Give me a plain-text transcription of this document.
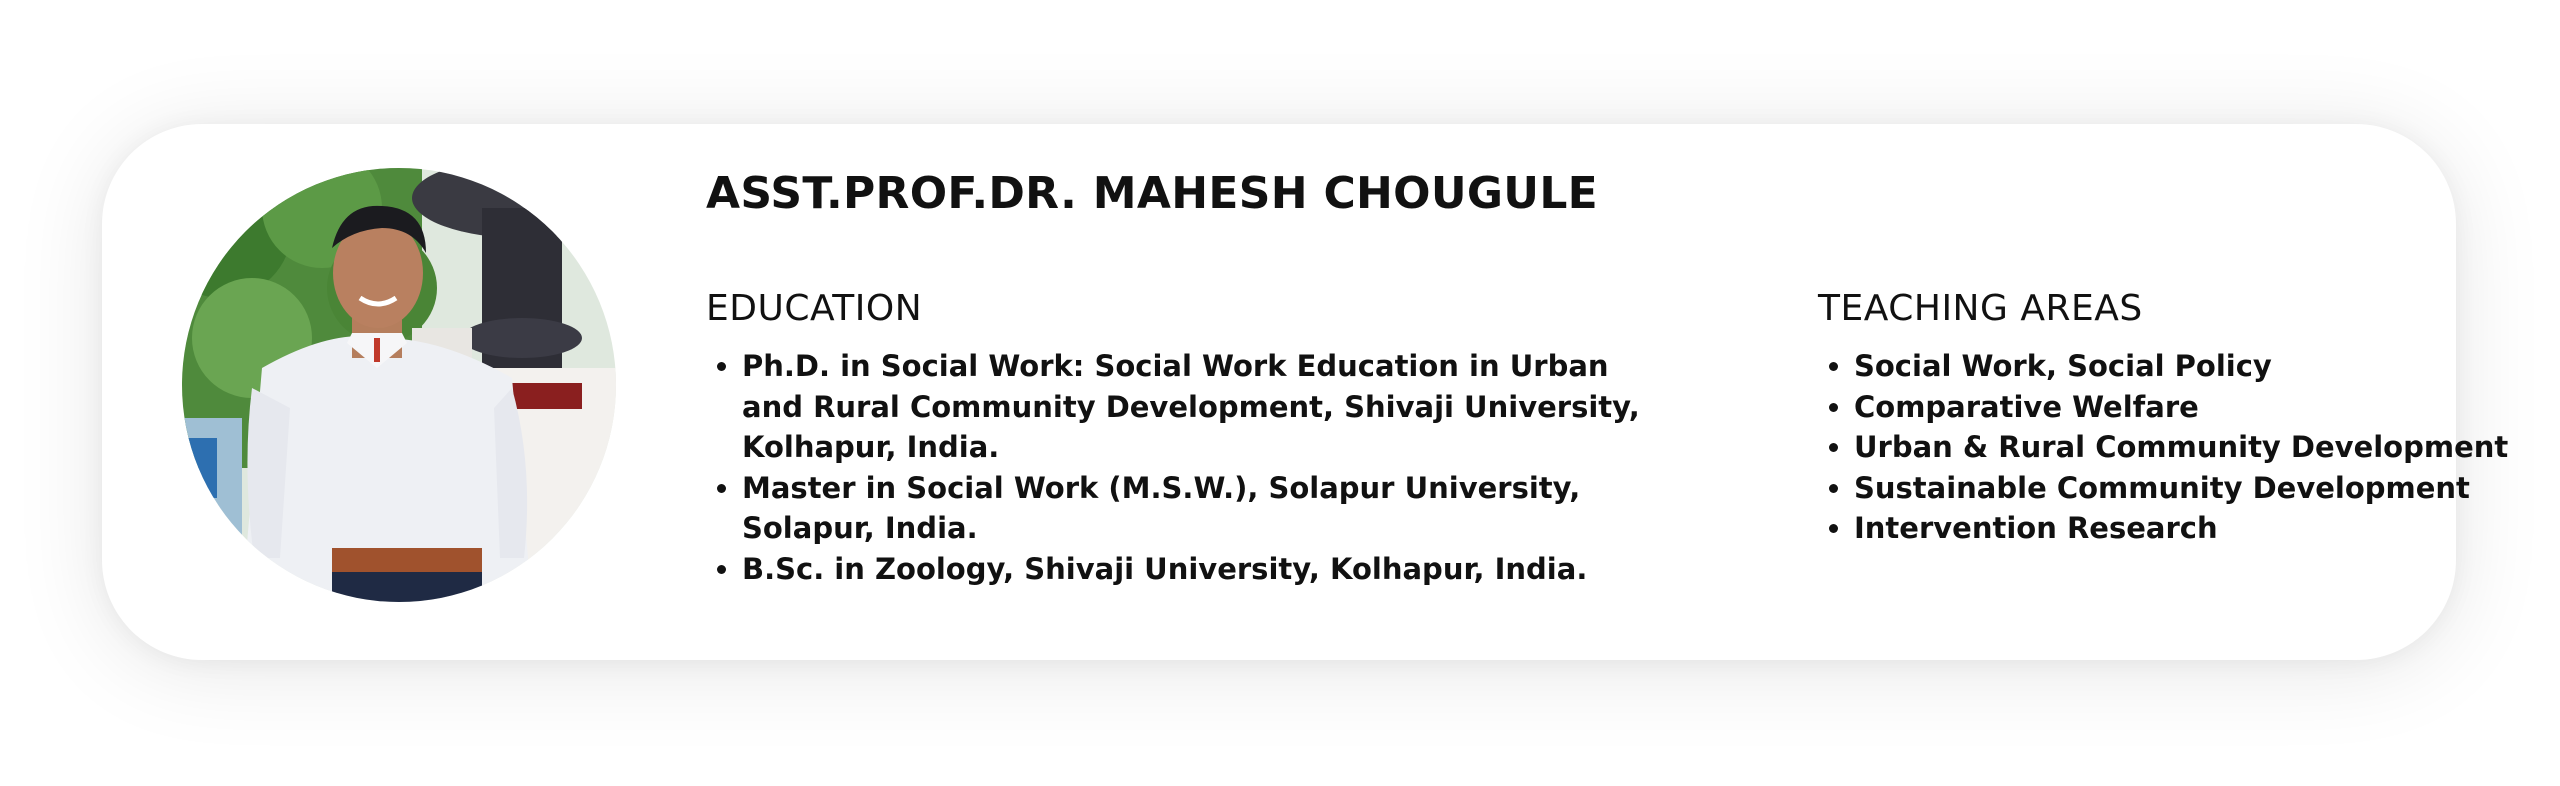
ASST.PROF.DR. MAHESH CHOUGULE
EDUCATION
• Ph.D. in Social Work: Social Work Education in Urban and Rural Community Development, Shivaji University, Kolhapur, India.
• Master in Social Work (M.S.W.), Solapur University, Solapur, India.
• B.Sc. in Zoology, Shivaji University, Kolhapur, India.
TEACHING AREAS
• Social Work, Social Policy
• Comparative Welfare
• Urban & Rural Community Development
• Sustainable Community Development
• Intervention Research
